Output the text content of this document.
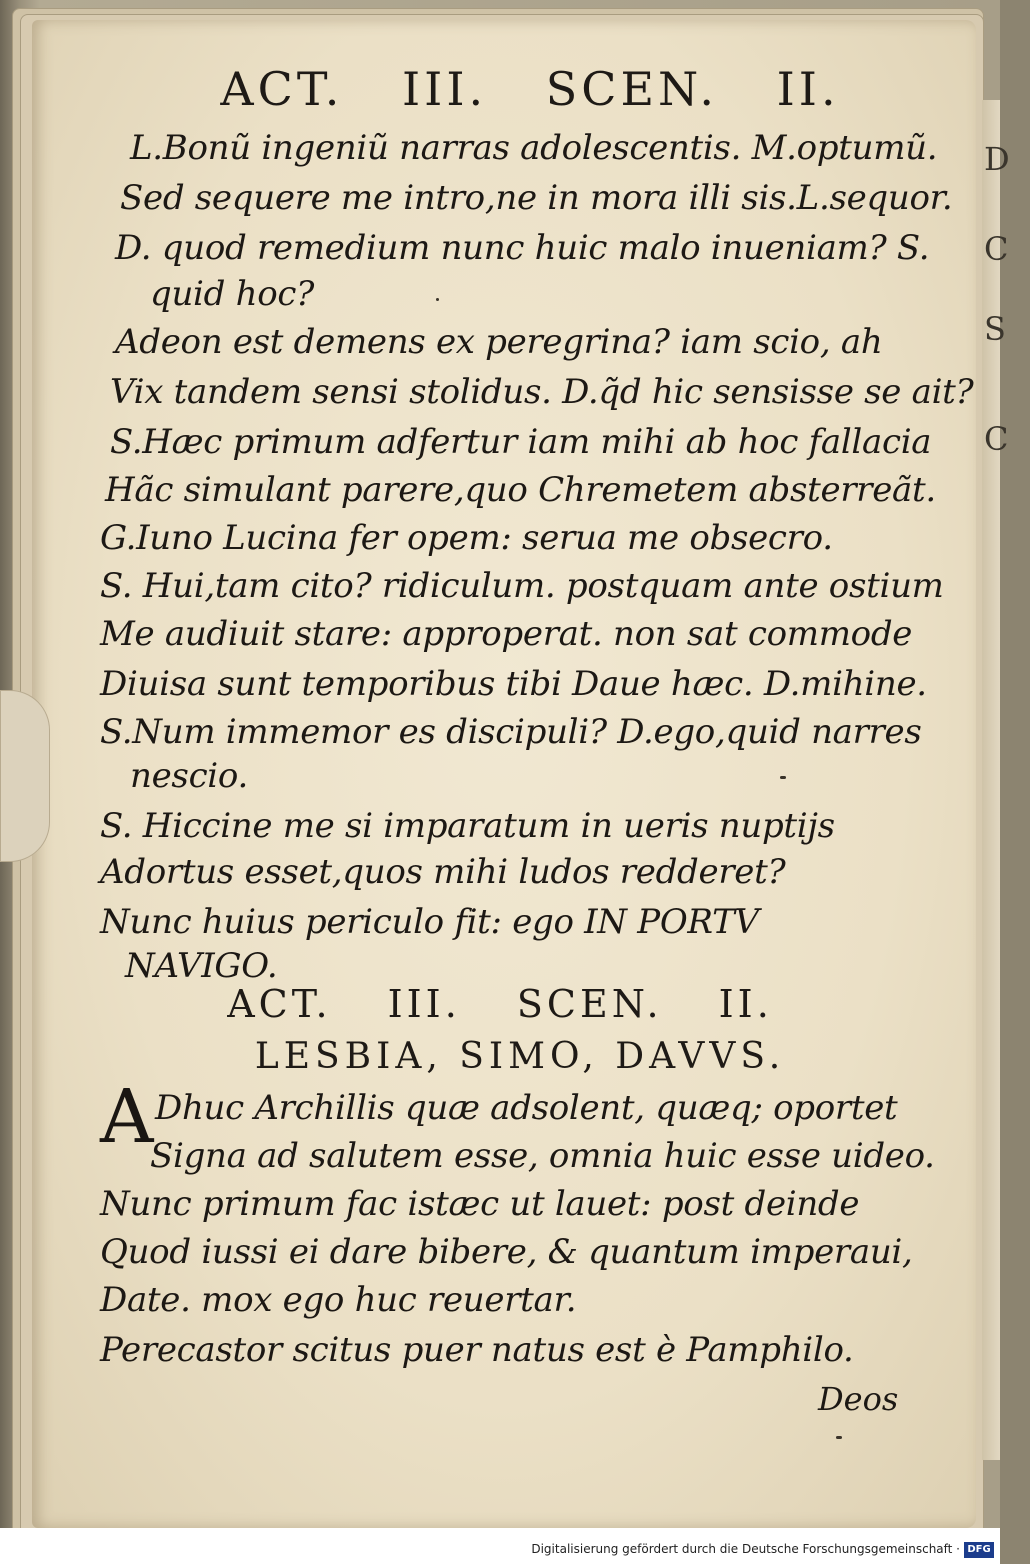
D
C
S
C
ACT. III. SCEN. II.
L.Bonũ ingeniũ narras adolescentis. M.optumũ.
Sed sequere me intro,ne in mora illi sis.L.sequor.
D. quod remedium nunc huic malo inueniam? S.
quid hoc?
Adeon est demens ex peregrina? iam scio, ah
Vix tandem sensi stolidus. D.q̃d hic sensisse se ait?
S.Hæc primum adfertur iam mihi ab hoc fallacia
Hãc simulant parere,quo Chremetem absterreãt.
G.Iuno Lucina fer opem: serua me obsecro.
S. Hui,tam cito? ridiculum. postquam ante ostium
Me audiuit stare: approperat. non sat commode
Diuisa sunt temporibus tibi Daue hæc. D.mihine.
S.Num immemor es discipuli? D.ego,quid narres
nescio.
S. Hiccine me si imparatum in ueris nuptijs
Adortus esset,quos mihi ludos redderet?
Nunc huius periculo fit: ego IN PORTV
NAVIGO.
ACT. III. SCEN. II.
LESBIA, SIMO, DAVVS.
A Dhuc Archillis quæ adsolent, quæq; oportet
Signa ad salutem esse, omnia huic esse uideo.
Nunc primum fac istæc ut lauet: post deinde
Quod iussi ei dare bibere, & quantum imperaui,
Date. mox ego huc reuertar.
Perecastor scitus puer natus est è Pamphilo.
Deos
Digitalisierung gefördert durch die Deutsche Forschungsgemeinschaft · DFG
